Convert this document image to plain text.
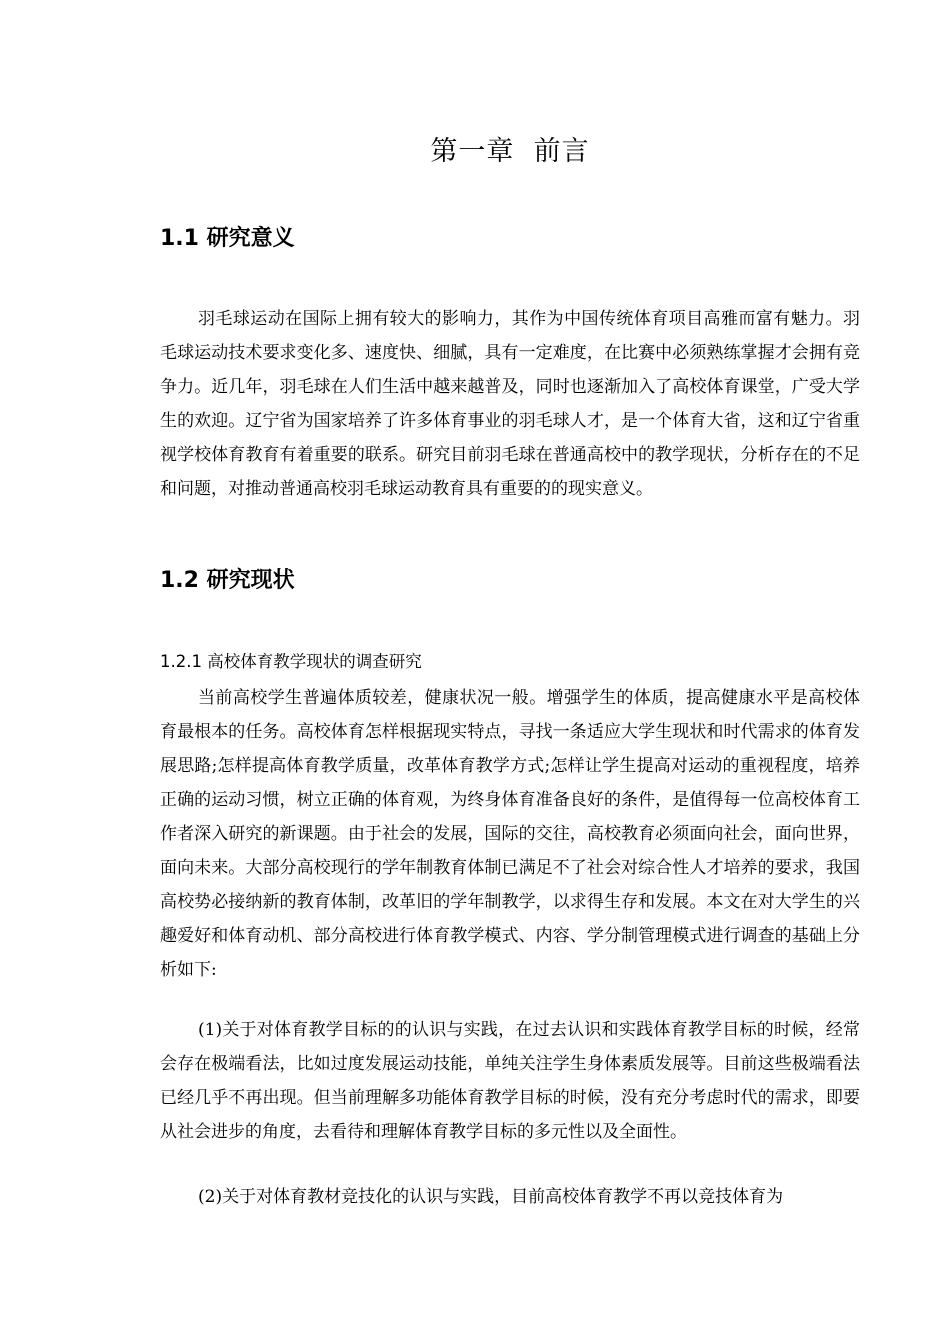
第一章  前言
1.1 研究意义

羽毛球运动在国际上拥有较大的影响力，其作为中国传统体育项目高雅而富有魅力。羽毛球运动技术要求变化多、速度快、细腻，具有一定难度，在比赛中必须熟练掌握才会拥有竞争力。近几年，羽毛球在人们生活中越来越普及，同时也逐渐加入了高校体育课堂，广受大学生的欢迎。辽宁省为国家培养了许多体育事业的羽毛球人才，是一个体育大省，这和辽宁省重视学校体育教育有着重要的联系。研究目前羽毛球在普通高校中的教学现状，分析存在的不足和问题，对推动普通高校羽毛球运动教育具有重要的的现实意义。

1.2 研究现状
1.2.1 高校体育教学现状的调查研究

当前高校学生普遍体质较差，健康状况一般。增强学生的体质，提高健康水平是高校体育最根本的任务。高校体育怎样根据现实特点，寻找一条适应大学生现状和时代需求的体育发展思路;怎样提高体育教学质量，改革体育教学方式;怎样让学生提高对运动的重视程度，培养正确的运动习惯，树立正确的体育观，为终身体育准备良好的条件，是值得每一位高校体育工作者深入研究的新课题。由于社会的发展，国际的交往，高校教育必须面向社会，面向世界，面向未来。大部分高校现行的学年制教育体制已满足不了社会对综合性人才培养的要求，我国高校势必接纳新的教育体制，改革旧的学年制教学，以求得生存和发展。本文在对大学生的兴趣爱好和体育动机、部分高校进行体育教学模式、内容、学分制管理模式进行调查的基础上分析如下:

(1)关于对体育教学目标的的认识与实践，在过去认识和实践体育教学目标的时候，经常会存在极端看法，比如过度发展运动技能，单纯关注学生身体素质发展等。目前这些极端看法已经几乎不再出现。但当前理解多功能体育教学目标的时候，没有充分考虑时代的需求，即要从社会进步的角度，去看待和理解体育教学目标的多元性以及全面性。

(2)关于对体育教材竞技化的认识与实践，目前高校体育教学不再以竞技体育为
